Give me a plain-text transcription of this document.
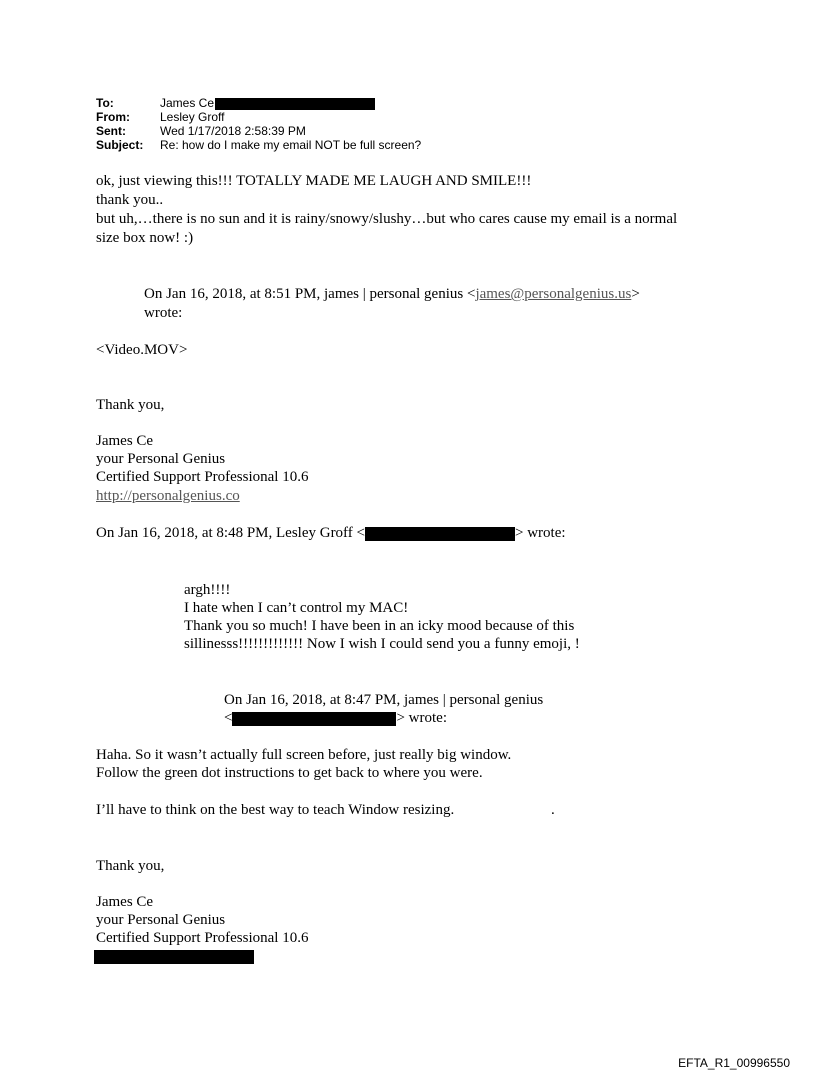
To:	James Ce
From:	Lesley Groff
Sent:	Wed 1/17/2018 2:58:39 PM
Subject: Re: how do I make my email NOT be full screen?
ok, just viewing this!!! TOTALLY MADE ME LAUGH AND SMILE!!!
thank you..
but uh,…there is no sun and it is rainy/snowy/slushy…but who cares cause my email is a normal
size box now! :)
On Jan 16, 2018, at 8:51 PM, james | personal genius <james@personalgenius.us>
wrote:
<Video.MOV>
Thank you,
James Ce
your Personal Genius
Certified Support Professional 10.6
http://personalgenius.co
On Jan 16, 2018, at 8:48 PM, Lesley Groff <	> wrote:
argh!!!!
I hate when I can’t control my MAC!
Thank you so much! I have been in an icky mood because of this
sillinesss!!!!!!!!!!!!! Now I wish I could send you a funny emoji, !
On Jan 16, 2018, at 8:47 PM, james | personal genius
<	> wrote:
Haha. So it wasn’t actually full screen before, just really big window.
Follow the green dot instructions to get back to where you were.
I’ll have to think on the best way to teach Window resizing.	.
Thank you,
James Ce
your Personal Genius
Certified Support Professional 10.6
EFTA_R1_00996550
